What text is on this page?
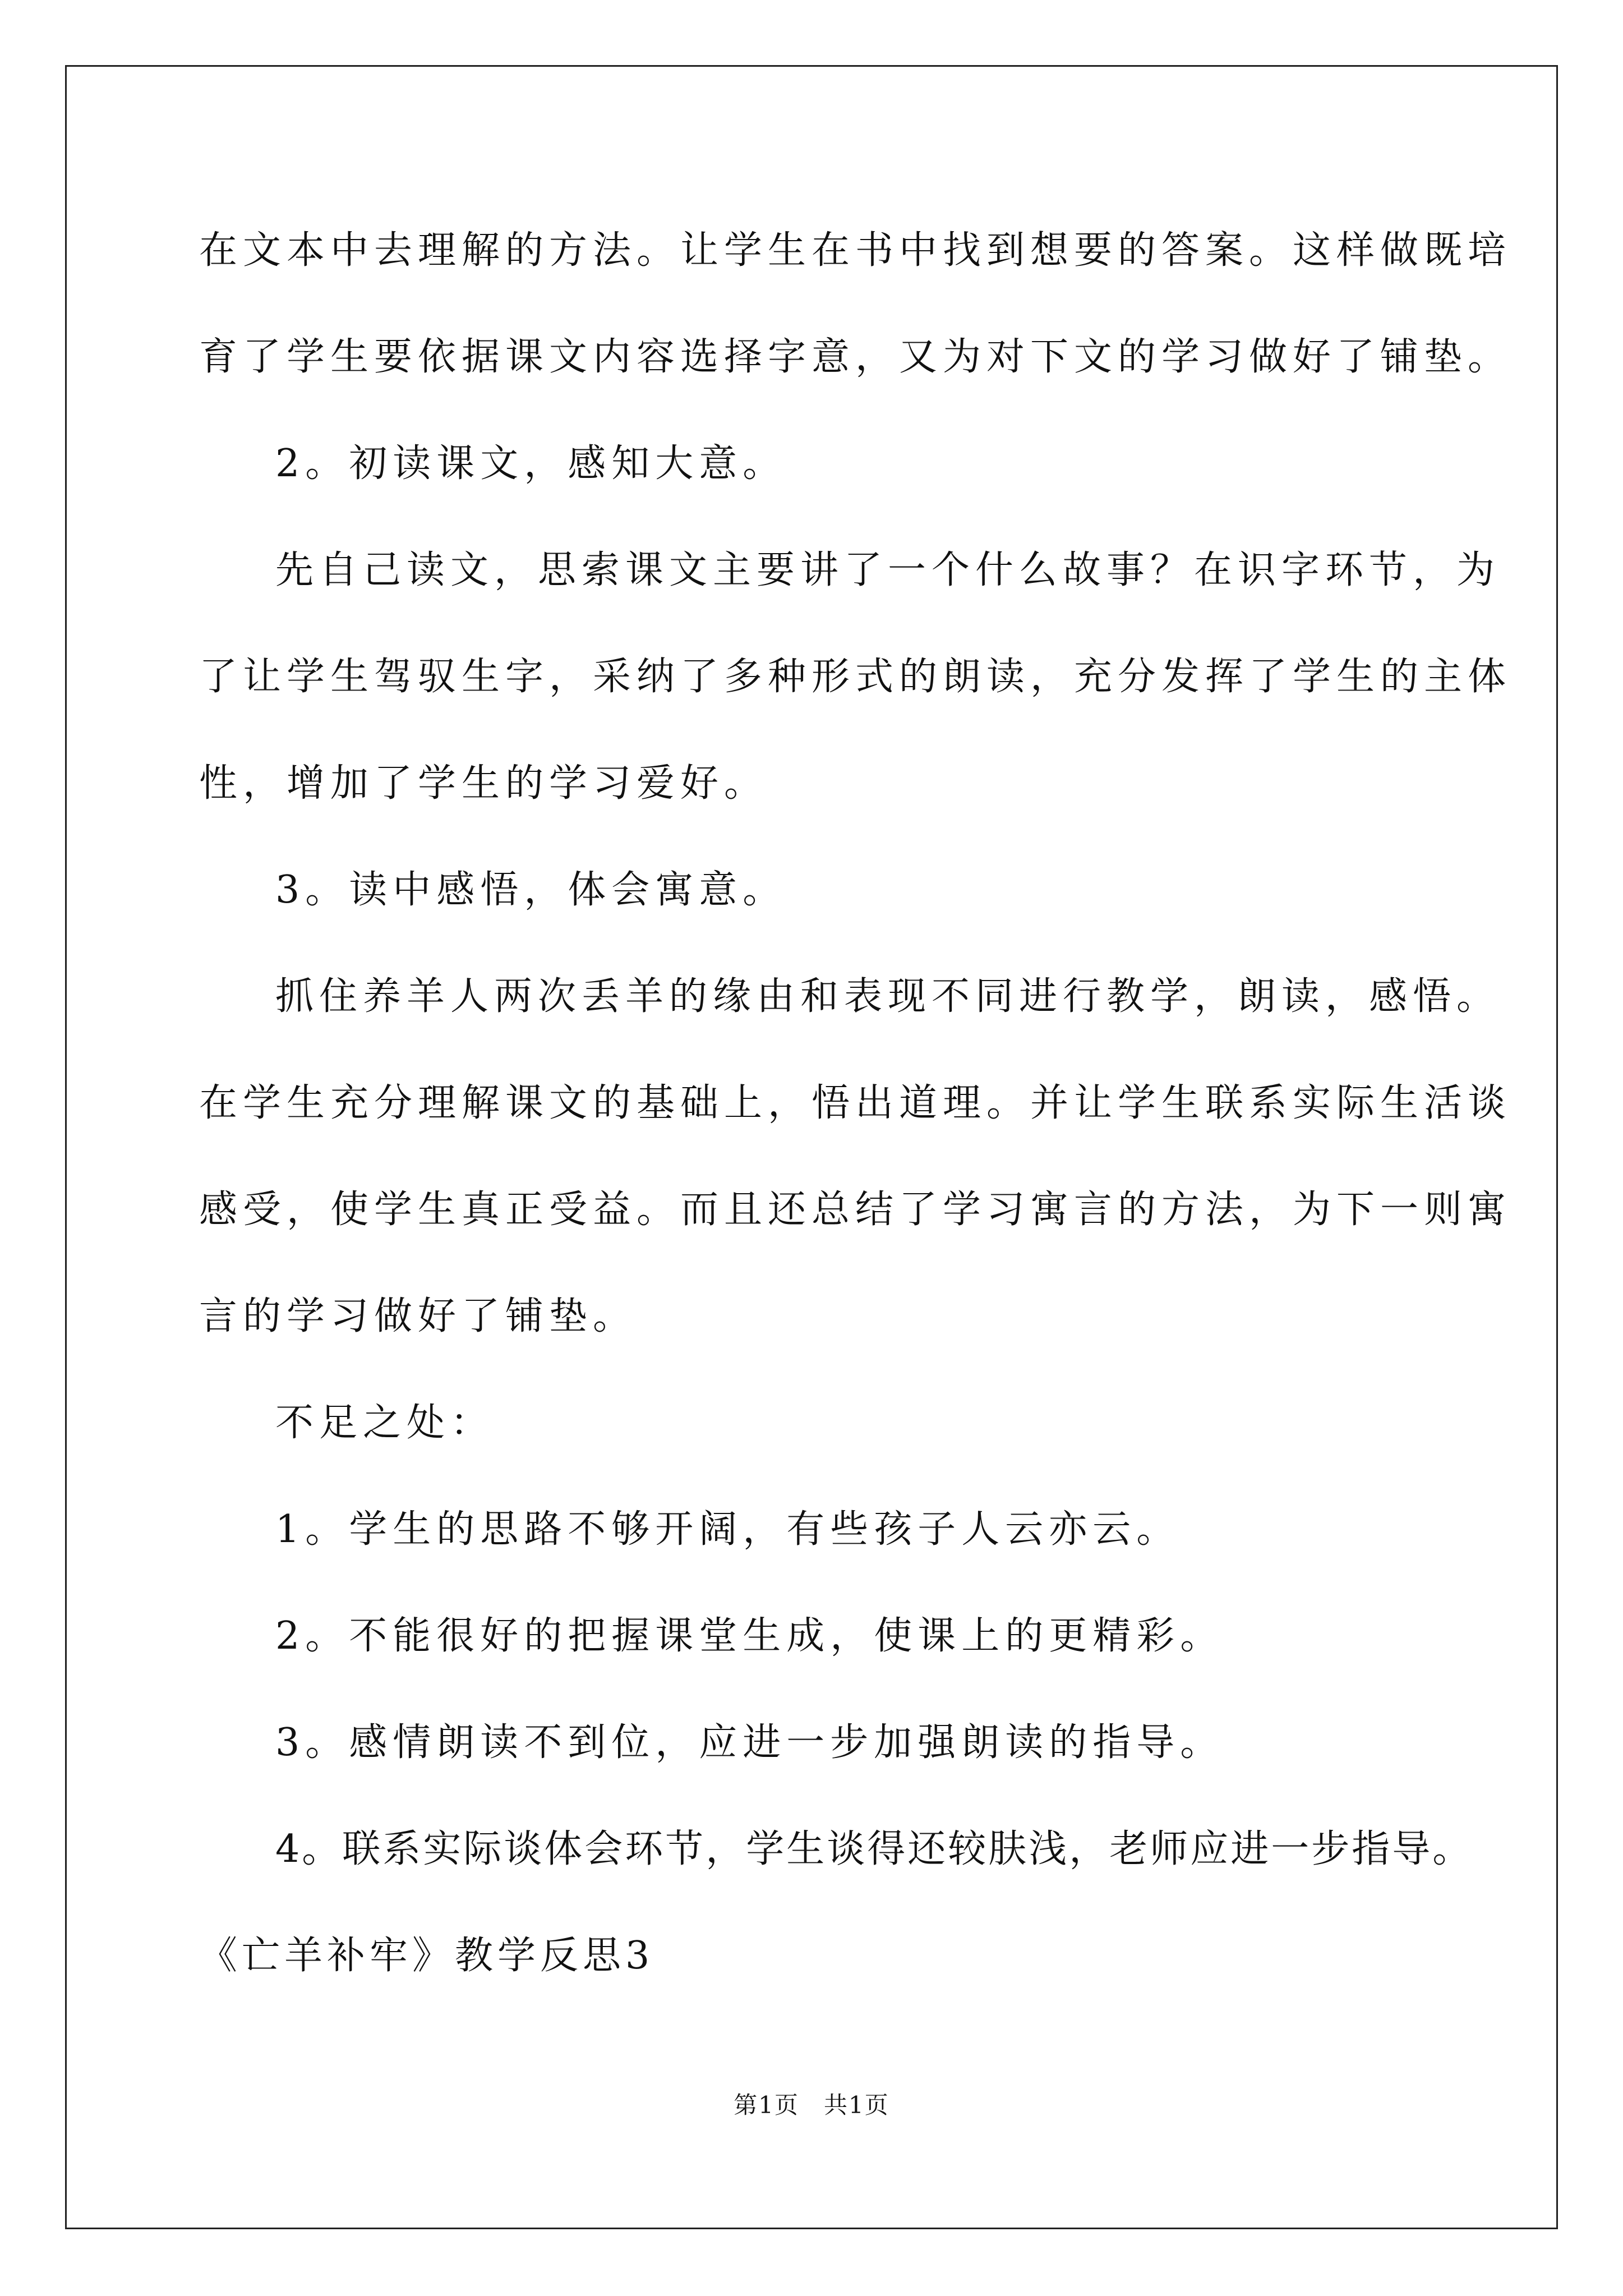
在文本中去理解的方法。让学生在书中找到想要的答案。这样做既培
育了学生要依据课文内容选择字意，又为对下文的学习做好了铺垫。
2。初读课文，感知大意。
先自己读文，思索课文主要讲了一个什么故事？在识字环节，为
了让学生驾驭生字，采纳了多种形式的朗读，充分发挥了学生的主体
性，增加了学生的学习爱好。
3。读中感悟，体会寓意。
抓住养羊人两次丢羊的缘由和表现不同进行教学，朗读，感悟。
在学生充分理解课文的基础上，悟出道理。并让学生联系实际生活谈
感受，使学生真正受益。而且还总结了学习寓言的方法，为下一则寓
言的学习做好了铺垫。
不足之处：
1。学生的思路不够开阔，有些孩子人云亦云。
2。不能很好的把握课堂生成，使课上的更精彩。
3。感情朗读不到位，应进一步加强朗读的指导。
4。联系实际谈体会环节，学生谈得还较肤浅，老师应进一步指导。
《亡羊补牢》教学反思3
第1页　共1页
